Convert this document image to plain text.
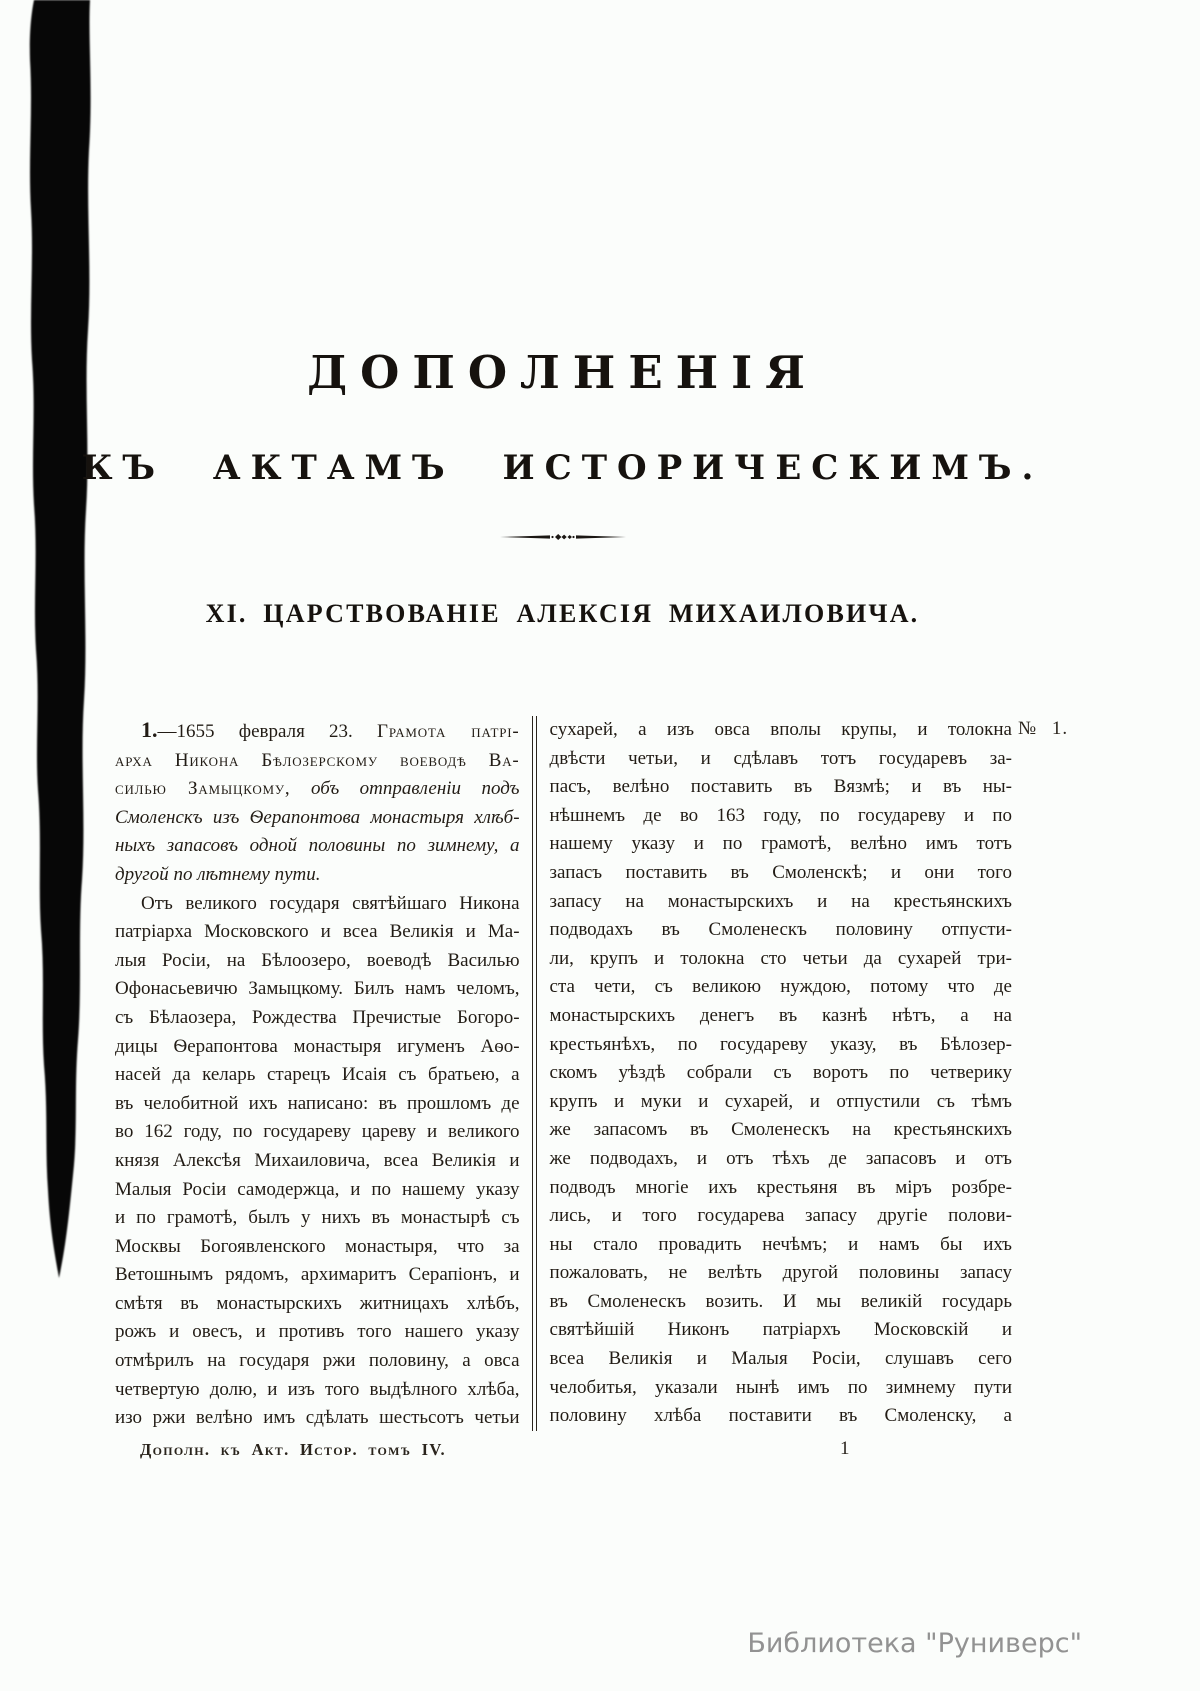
ДОПОЛНЕНІЯ
КЪ АКТАМЪ ИСТОРИЧЕСКИМЪ.
XI. ЦАРСТВОВАНІЕ АЛЕКСІЯ МИХАИЛОВИЧА.
1.—1655 февраля 23. Грамота патрі-
арха Никона Бѣлозерскому воеводѣ Ва-
силью Замыцкому, объ отправленіи подъ
Смоленскъ изъ Ѳерапонтова монастыря хлѣб-
ныхъ запасовъ одной половины по зимнему, а
другой по лѣтнему пути.
Отъ великого государя святѣйшаго Никона
патріарха Московского и всеа Великія и Ма-
лыя Росіи, на Бѣлоозеро, воеводѣ Василью
Офонасьевичю Замыцкому. Билъ намъ челомъ,
съ Бѣлаозера, Рождества Пречистые Богоро-
дицы Ѳерапонтова монастыря игуменъ Аѳо-
насей да келарь старецъ Исаія съ братьею, а
въ челобитной ихъ написано: въ прошломъ де
во 162 году, по государеву цареву и великого
князя Алексѣя Михаиловича, всеа Великія и
Малыя Росіи самодержца, и по нашему указу
и по грамотѣ, былъ у нихъ въ монастырѣ съ
Москвы Богоявленского монастыря, что за
Ветошнымъ рядомъ, архимаритъ Серапіонъ, и
смѣтя въ монастырскихъ житницахъ хлѣбъ,
рожъ и овесъ, и противъ того нашего указу
отмѣрилъ на государя ржи половину, а овса
четвертую долю, и изъ того выдѣлного хлѣба,
изо ржи велѣно имъ сдѣлать шестьсотъ четьи
сухарей, а изъ овса вполы крупы, и толокна
двѣсти четьи, и сдѣлавъ тотъ государевъ за-
пасъ, велѣно поставить въ Вязмѣ; и въ ны-
нѣшнемъ де во 163 году, по государеву и по
нашему указу и по грамотѣ, велѣно имъ тотъ
запасъ поставить въ Смоленскѣ; и они того
запасу на монастырскихъ и на крестьянскихъ
подводахъ въ Смоленескъ половину отпусти-
ли, крупъ и толокна сто четьи да сухарей три-
ста чети, съ великою нуждою, потому что де
монастырскихъ денегъ въ казнѣ нѣтъ, а на
крестьянѣхъ, по государеву указу, въ Бѣлозер-
скомъ уѣздѣ собрали съ воротъ по четверику
крупъ и муки и сухарей, и отпустили съ тѣмъ
же запасомъ въ Смоленескъ на крестьянскихъ
же подводахъ, и отъ тѣхъ де запасовъ и отъ
подводъ многіе ихъ крестьяня въ міръ розбре-
лись, и того государева запасу другіе полови-
ны стало провадить нечѣмъ; и намъ бы ихъ
пожаловать, не велѣть другой половины запасу
въ Смоленескъ возить. И мы великій государь
святѣйшій Никонъ патріархъ Московскій и
всеа Великія и Малыя Росіи, слушавъ сего
челобитья, указали нынѣ имъ по зимнему пути
половину хлѣба поставити въ Смоленску, а
№ 1.
Дополн. къ Акт. Истор. томъ IV.	1
Библиотека "Руниверс"
